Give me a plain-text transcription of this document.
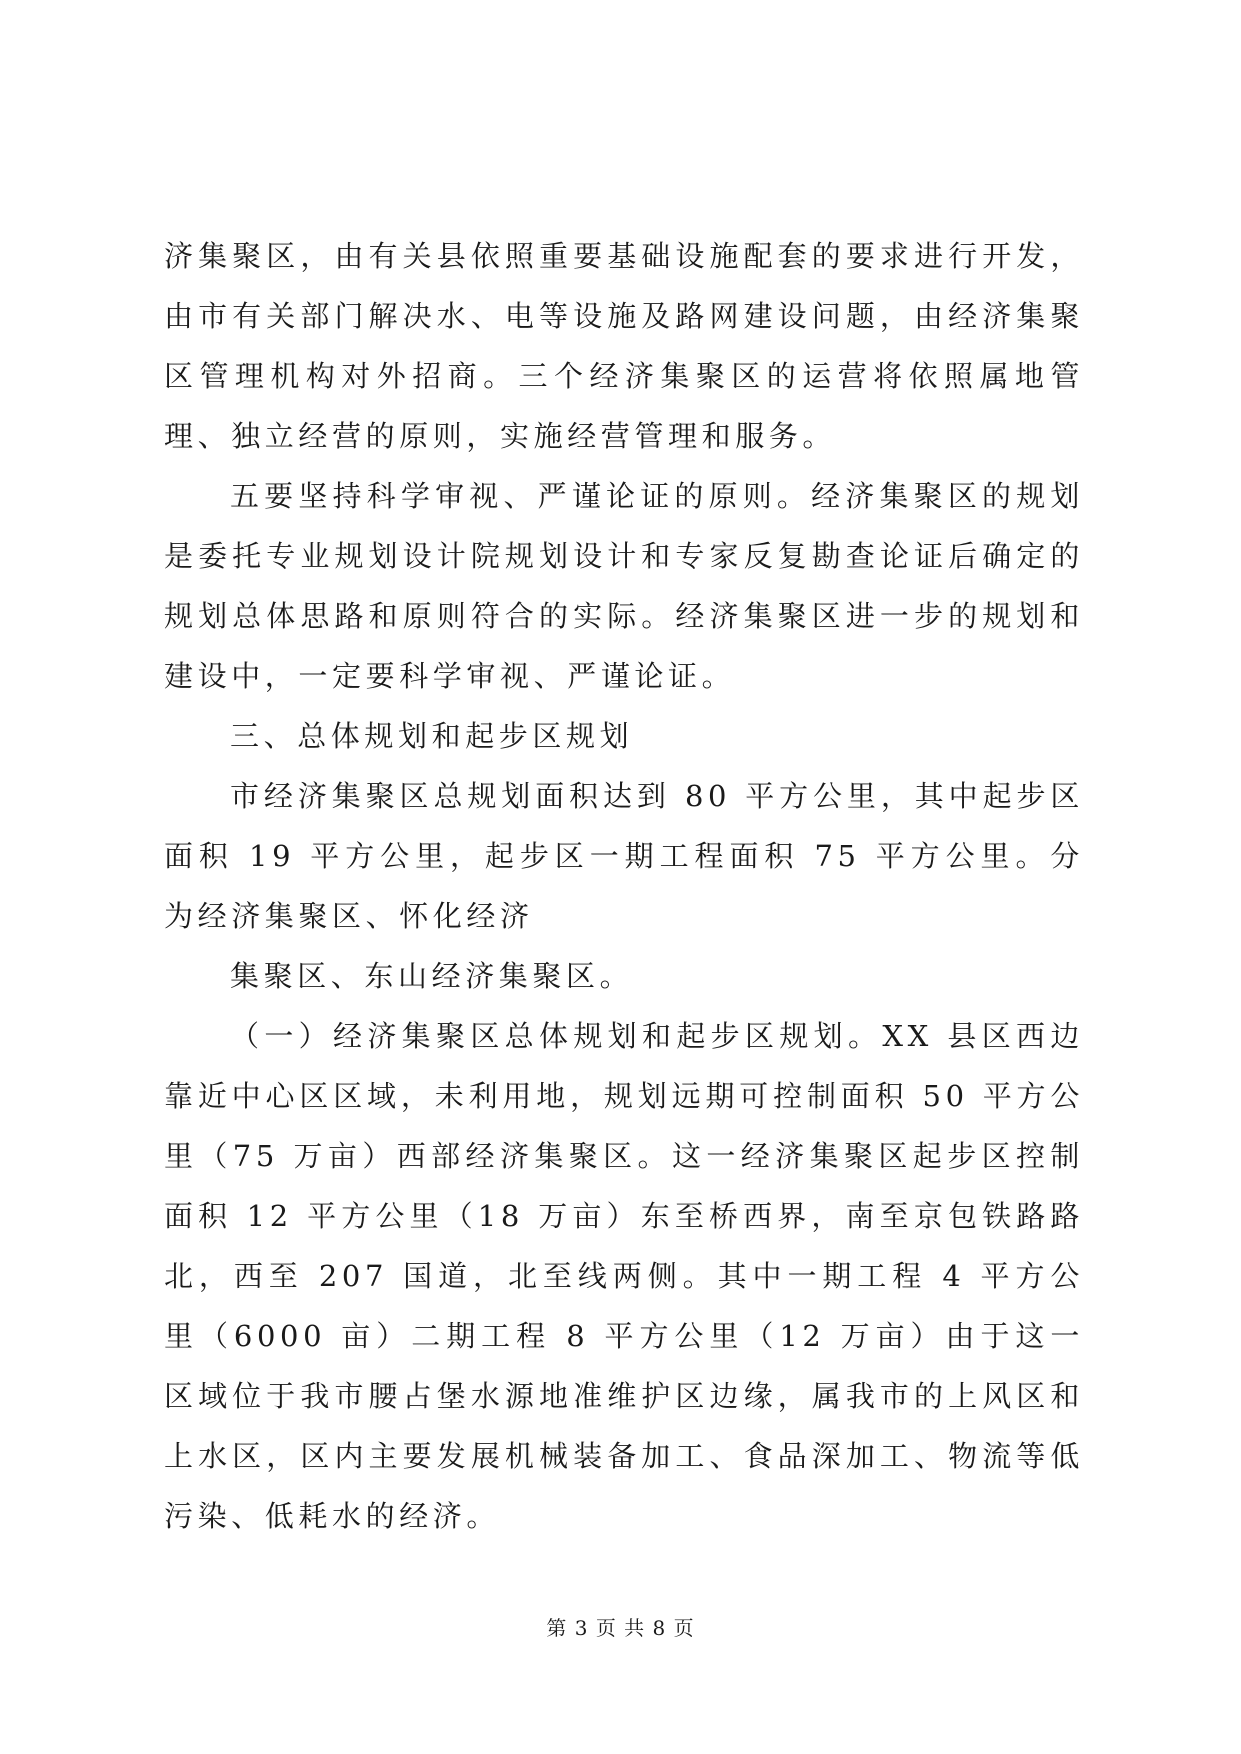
济集聚区，由有关县依照重要基础设施配套的要求进行开发，由市有关部门解决水、电等设施及路网建设问题，由经济集聚区管理机构对外招商。三个经济集聚区的运营将依照属地管理、独立经营的原则，实施经营管理和服务。

五要坚持科学审视、严谨论证的原则。经济集聚区的规划是委托专业规划设计院规划设计和专家反复勘查论证后确定的规划总体思路和原则符合的实际。经济集聚区进一步的规划和建设中，一定要科学审视、严谨论证。

三、总体规划和起步区规划

市经济集聚区总规划面积达到 80 平方公里，其中起步区面积 19 平方公里，起步区一期工程面积 75 平方公里。分为经济集聚区、怀化经济

集聚区、东山经济集聚区。

（一）经济集聚区总体规划和起步区规划。XX 县区西边靠近中心区区域，未利用地，规划远期可控制面积 50 平方公里（75 万亩）西部经济集聚区。这一经济集聚区起步区控制面积 12 平方公里（18 万亩）东至桥西界，南至京包铁路路北，西至 207 国道，北至线两侧。其中一期工程 4 平方公里（6000 亩）二期工程 8 平方公里（12 万亩）由于这一区域位于我市腰占堡水源地准维护区边缘，属我市的上风区和上水区，区内主要发展机械装备加工、食品深加工、物流等低污染、低耗水的经济。

第 3 页 共 8 页
